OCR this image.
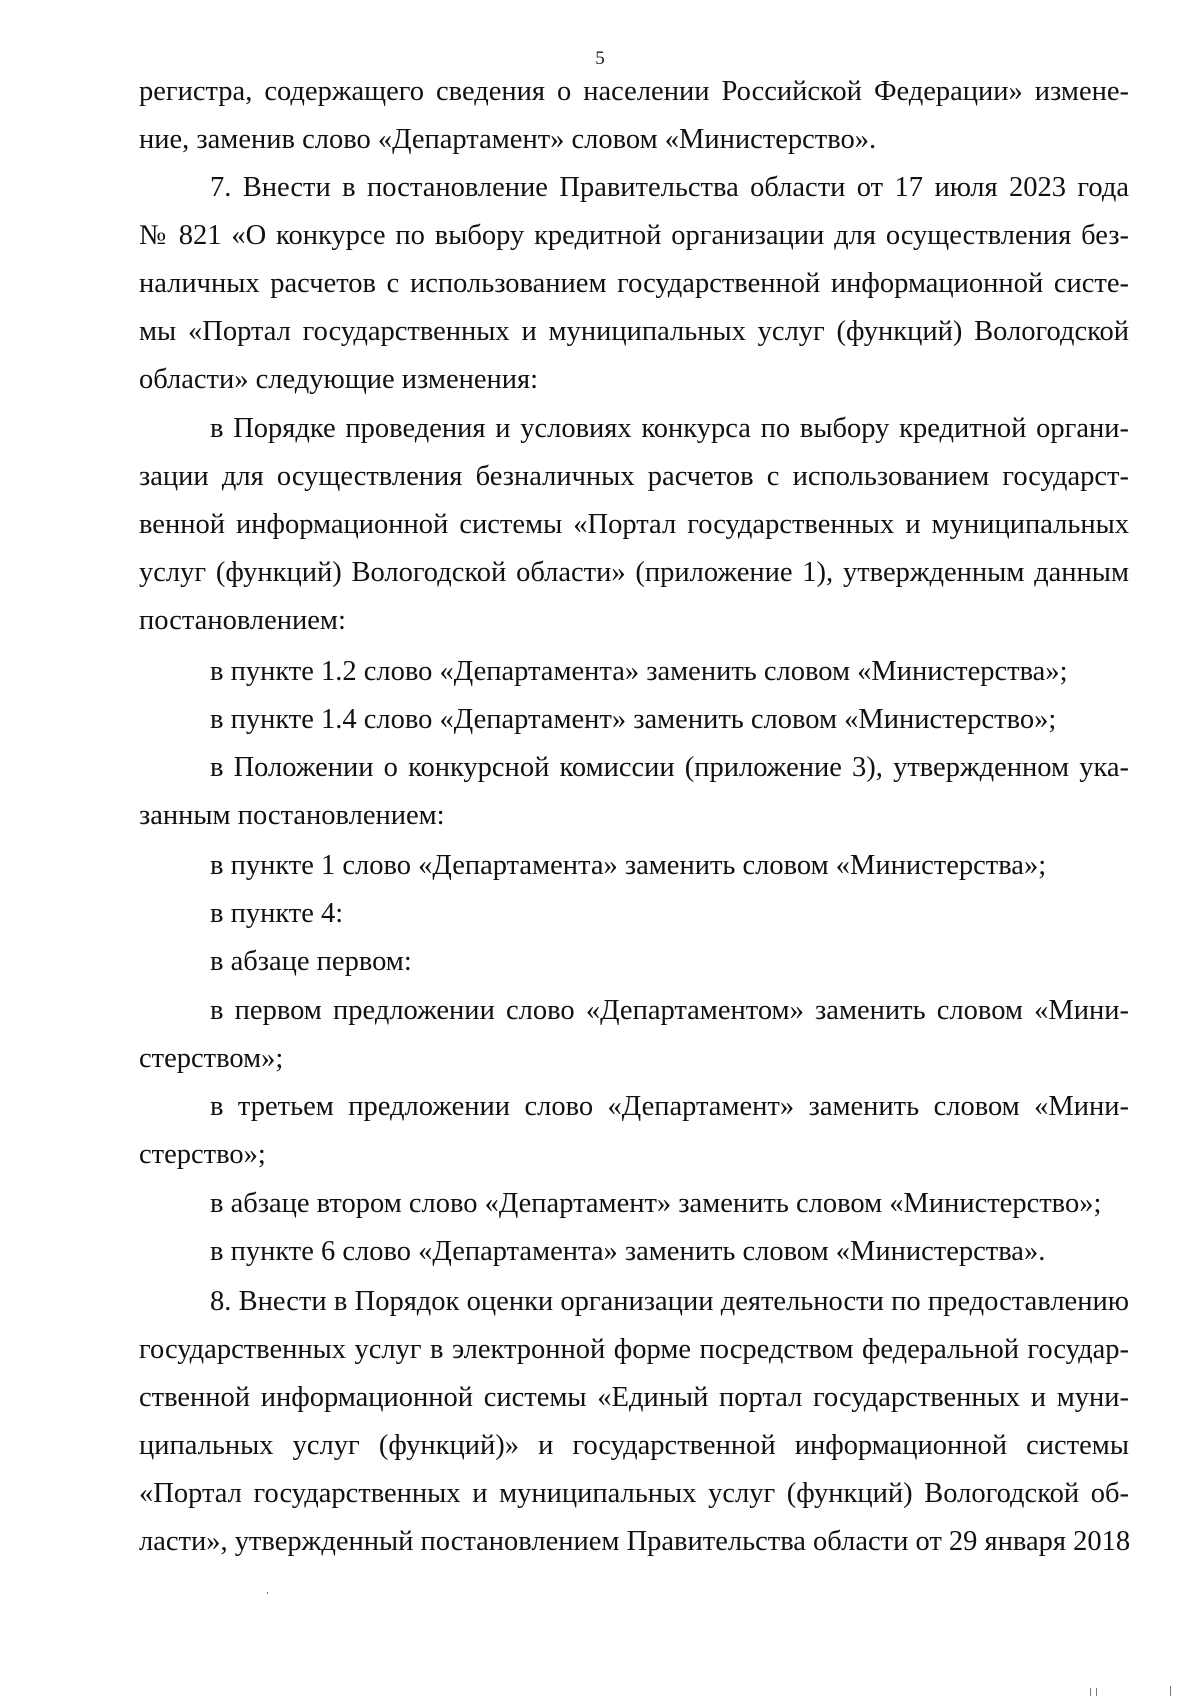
5
регистра, содержащего сведения о населении Российской Федерации» измене-
ние, заменив слово «Департамент» словом «Министерство».
7. Внести в постановление Правительства области от 17 июля 2023 года
№ 821 «О конкурсе по выбору кредитной организации для осуществления без-
наличных расчетов с использованием государственной информационной систе-
мы «Портал государственных и муниципальных услуг (функций) Вологодской
области» следующие изменения:
в Порядке проведения и условиях конкурса по выбору кредитной органи-
зации для осуществления безналичных расчетов с использованием государст-
венной информационной системы «Портал государственных и муниципальных
услуг (функций) Вологодской области» (приложение 1), утвержденным данным
постановлением:
в пункте 1.2 слово «Департамента» заменить словом «Министерства»;
в пункте 1.4 слово «Департамент» заменить словом «Министерство»;
в Положении о конкурсной комиссии (приложение 3), утвержденном ука-
занным постановлением:
в пункте 1 слово «Департамента» заменить словом «Министерства»;
в пункте 4:
в абзаце первом:
в первом предложении слово «Департаментом» заменить словом «Мини-
стерством»;
в третьем предложении слово «Департамент» заменить словом «Мини-
стерство»;
в абзаце втором слово «Департамент» заменить словом «Министерство»;
в пункте 6 слово «Департамента» заменить словом «Министерства».
8. Внести в Порядок оценки организации деятельности по предоставлению
государственных услуг в электронной форме посредством федеральной государ-
ственной информационной системы «Единый портал государственных и муни-
ципальных услуг (функций)» и государственной информационной системы
«Портал государственных и муниципальных услуг (функций) Вологодской об-
ласти», утвержденный постановлением Правительства области от 29 января 2018
